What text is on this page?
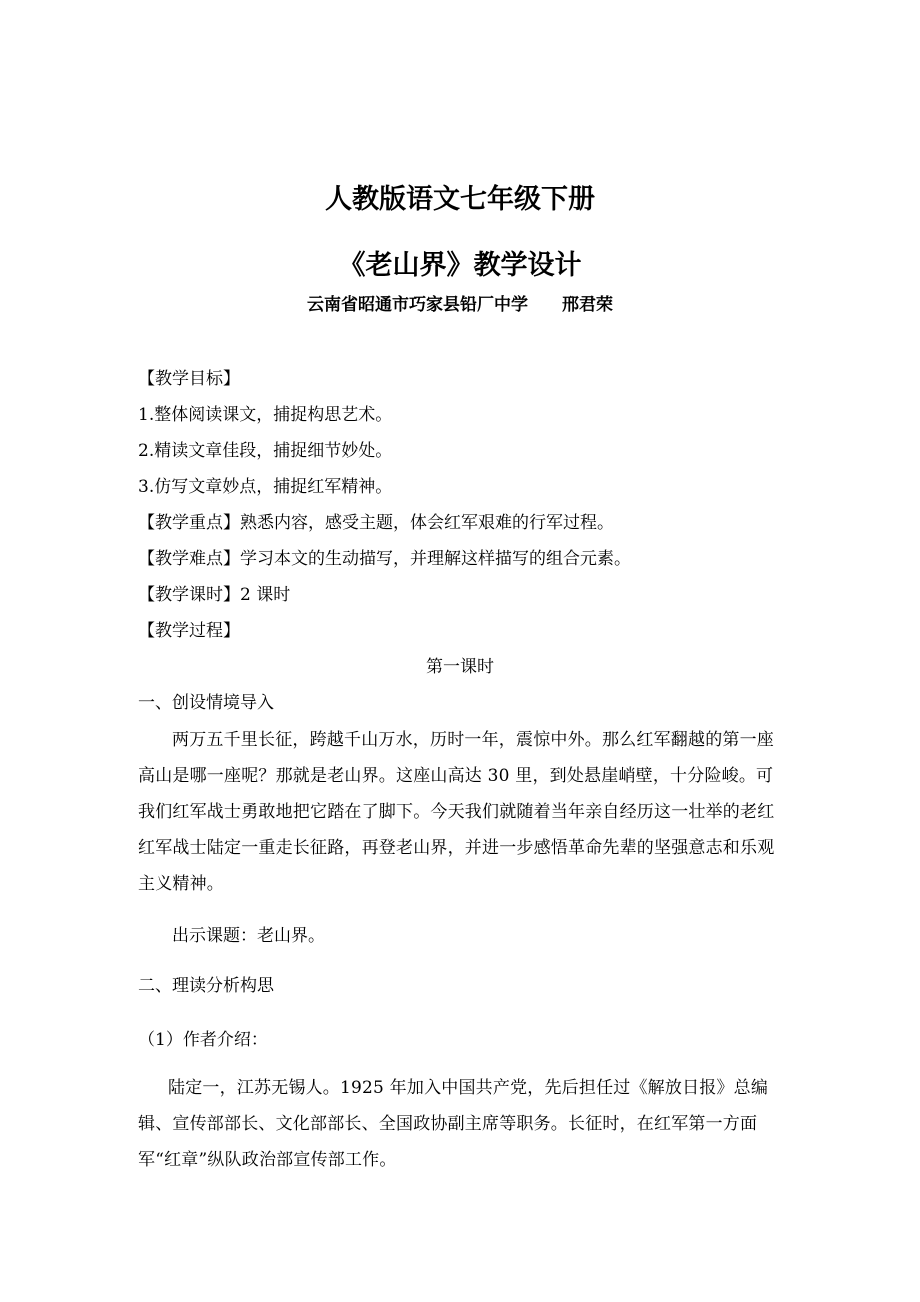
人教版语文七年级下册
《老山界》教学设计
云南省昭通市巧家县铅厂中学 邢君荣
【教学目标】
1.整体阅读课文，捕捉构思艺术。
2.精读文章佳段，捕捉细节妙处。
3.仿写文章妙点，捕捉红军精神。
【教学重点】熟悉内容，感受主题，体会红军艰难的行军过程。
【教学难点】学习本文的生动描写，并理解这样描写的组合元素。
【教学课时】2 课时
【教学过程】
第一课时
一、创设情境导入
两万五千里长征，跨越千山万水，历时一年，震惊中外。那么红军翻越的第一座高山是哪一座呢？那就是老山界。这座山高达 30 里，到处悬崖峭壁，十分险峻。可我们红军战士勇敢地把它踏在了脚下。今天我们就随着当年亲自经历这一壮举的老红红军战士陆定一重走长征路，再登老山界，并进一步感悟革命先辈的坚强意志和乐观主义精神。
出示课题：老山界。
二、理读分析构思
（1）作者介绍：
陆定一，江苏无锡人。1925 年加入中国共产党，先后担任过《解放日报》总编辑、宣传部部长、文化部部长、全国政协副主席等职务。长征时，在红军第一方面军“红章”纵队政治部宣传部工作。
